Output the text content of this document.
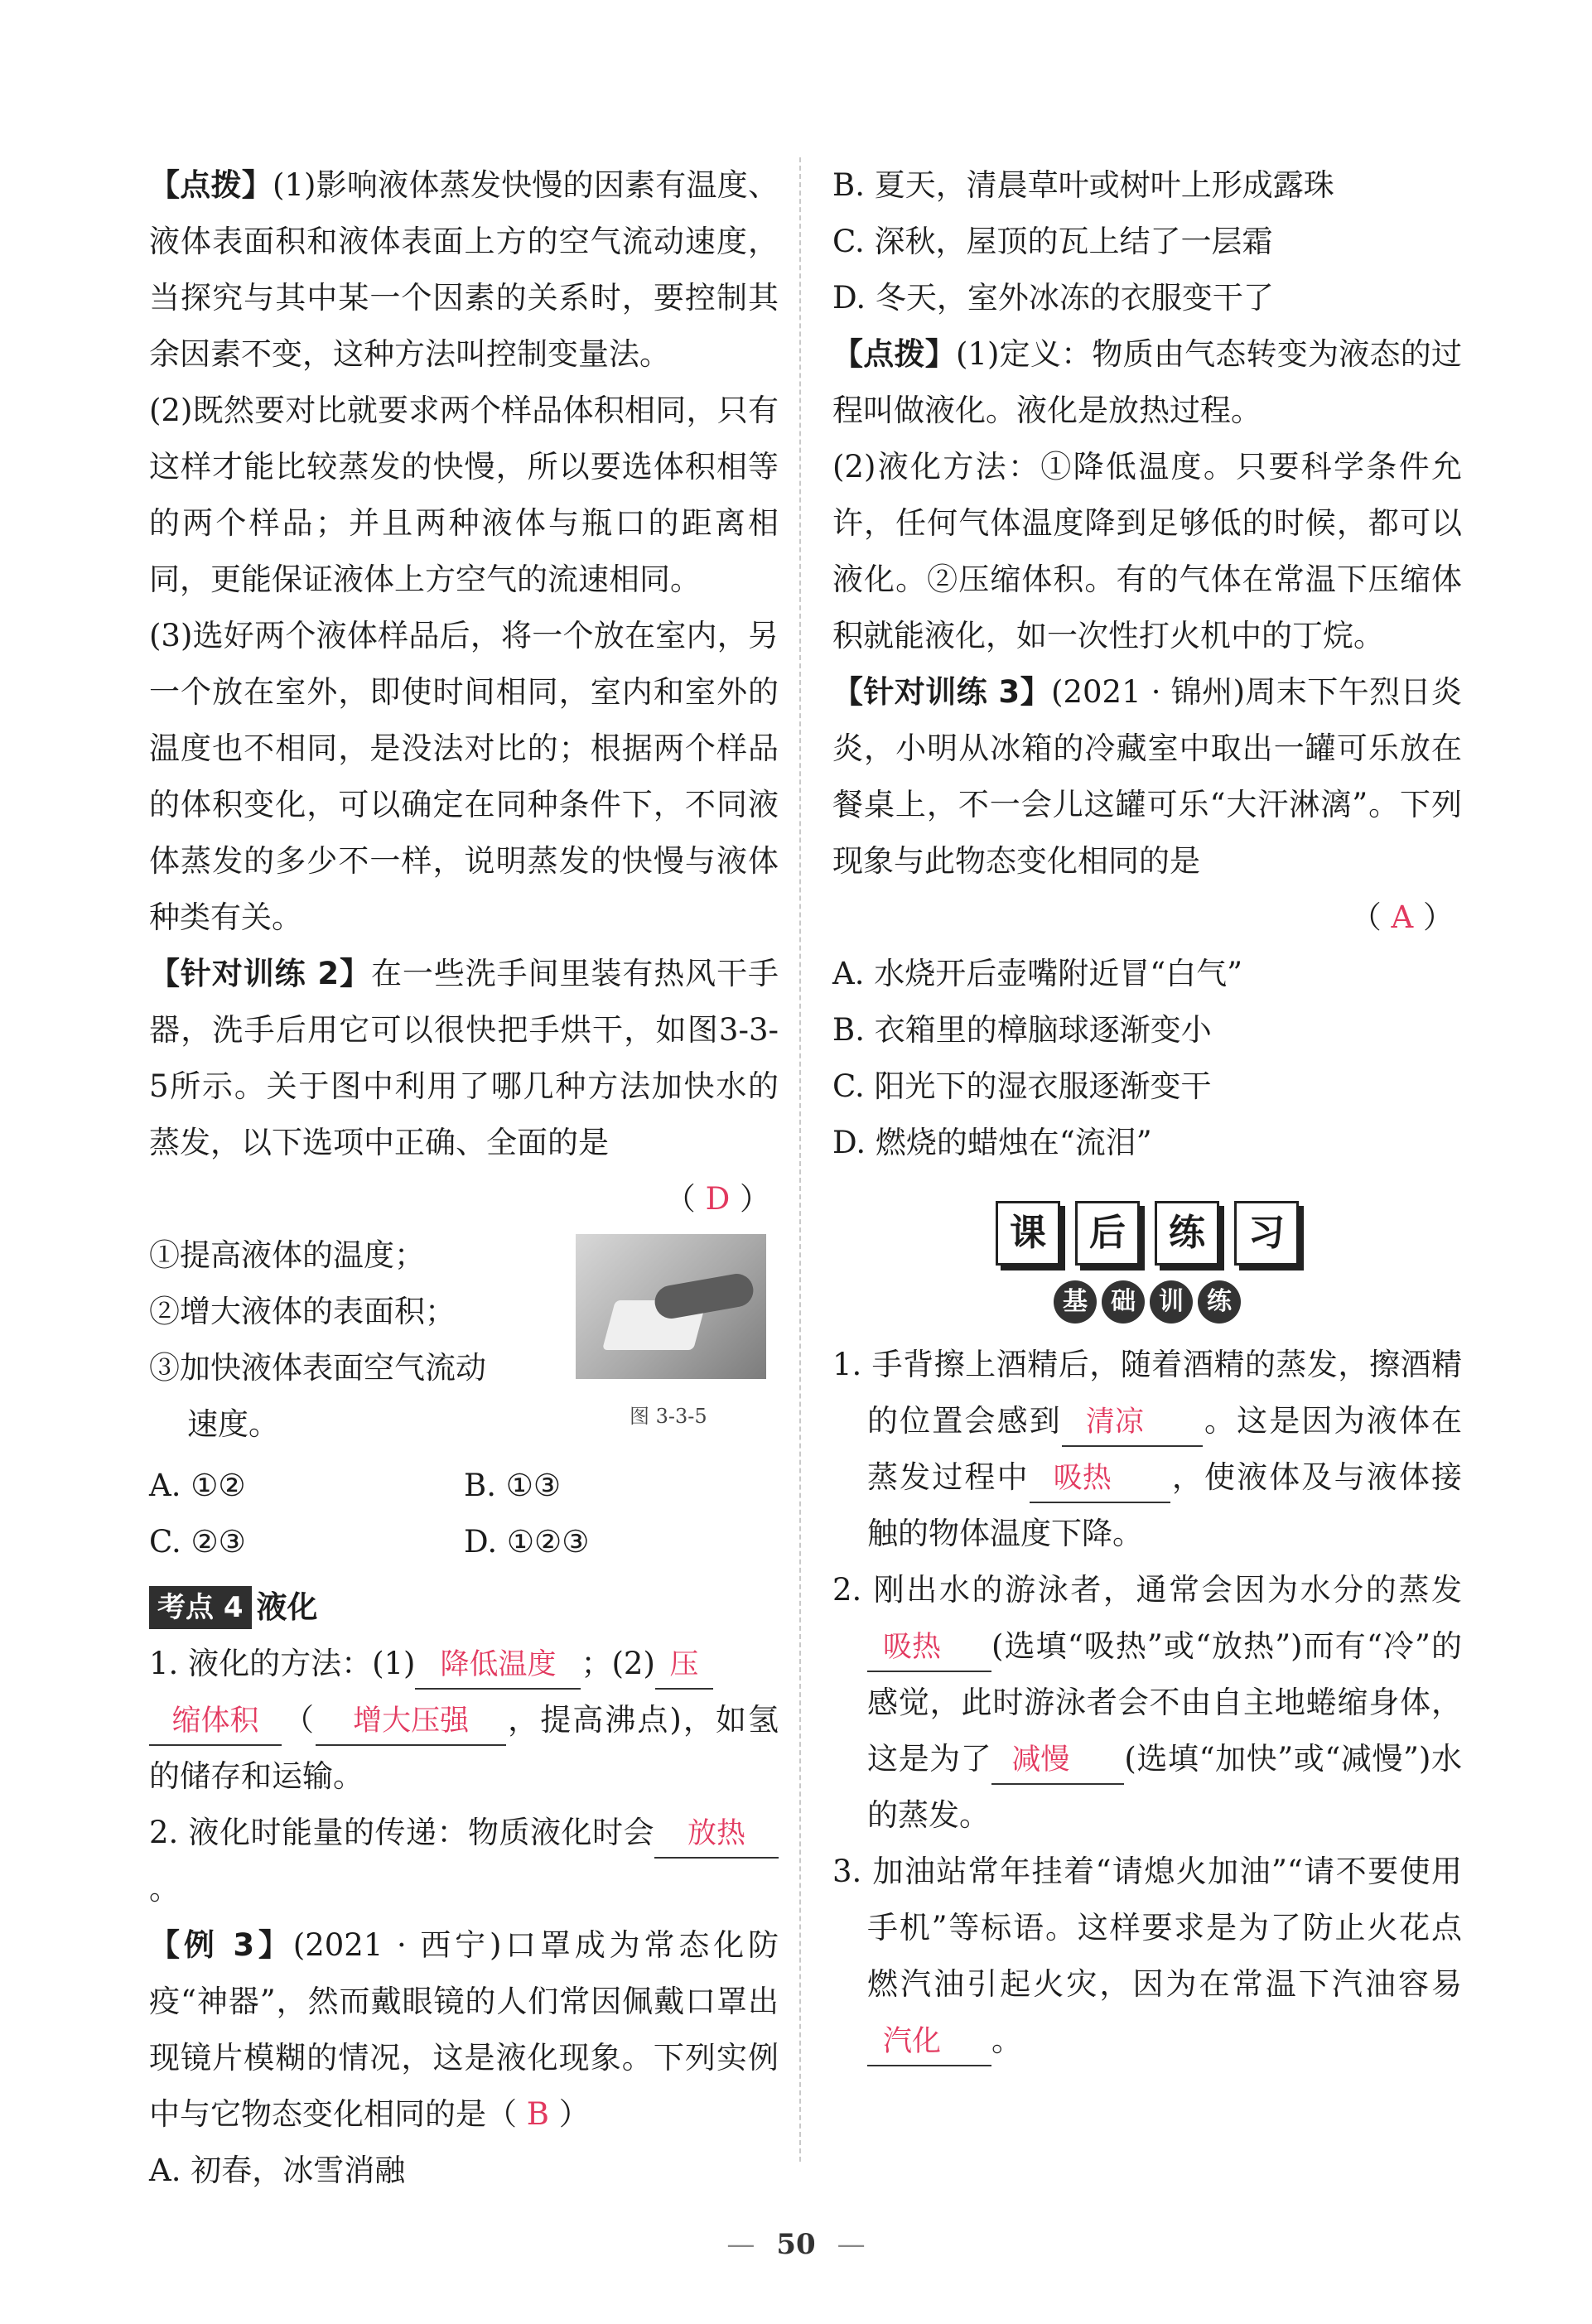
【点拨】(1)影响液体蒸发快慢的因素有温度、液体表面积和液体表面上方的空气流动速度，当探究与其中某一个因素的关系时，要控制其余因素不变，这种方法叫控制变量法。

(2)既然要对比就要求两个样品体积相同，只有这样才能比较蒸发的快慢，所以要选体积相等的两个样品；并且两种液体与瓶口的距离相同，更能保证液体上方空气的流速相同。

(3)选好两个液体样品后，将一个放在室内，另一个放在室外，即使时间相同，室内和室外的温度也不相同，是没法对比的；根据两个样品的体积变化，可以确定在同种条件下，不同液体蒸发的多少不一样，说明蒸发的快慢与液体种类有关。

【针对训练 2】在一些洗手间里装有热风干手器，洗手后用它可以很快把手烘干，如图3-3-5所示。关于图中利用了哪几种方法加快水的蒸发，以下选项中正确、全面的是

（ D ）

①提高液体的温度；

②增大液体的表面积；

③加快液体表面空气流动

速度。

A. ①②	B. ①③
C. ②③	D. ①②③
考点 4 液化

1. 液化的方法：(1) 降低温度 ；(2) 压

缩体积 （ 增大压强 ，提高沸点)，如氢的储存和运输。

2. 液化时能量的传递：物质液化时会 放热。

【例 3】(2021 · 西宁)口罩成为常态化防疫“神器”，然而戴眼镜的人们常因佩戴口罩出现镜片模糊的情况，这是液化现象。下列实例中与它物态变化相同的是（ B ）

A. 初春，冰雪消融

图 3-3-5

B. 夏天，清晨草叶或树叶上形成露珠

C. 深秋，屋顶的瓦上结了一层霜

D. 冬天，室外冰冻的衣服变干了

【点拨】(1)定义：物质由气态转变为液态的过程叫做液化。液化是放热过程。

(2)液化方法：①降低温度。只要科学条件允许，任何气体温度降到足够低的时候，都可以液化。②压缩体积。有的气体在常温下压缩体积就能液化，如一次性打火机中的丁烷。

【针对训练 3】(2021 · 锦州)周末下午烈日炎炎，小明从冰箱的冷藏室中取出一罐可乐放在餐桌上，不一会儿这罐可乐“大汗淋漓”。下列现象与此物态变化相同的是

（ A ）

A. 水烧开后壶嘴附近冒“白气”

B. 衣箱里的樟脑球逐渐变小

C. 阳光下的湿衣服逐渐变干

D. 燃烧的蜡烛在“流泪”

课	后	练	习
基 础 训 练

1. 手背擦上酒精后，随着酒精的蒸发，擦酒精的位置会感到 清凉 。这是因为液体在蒸发过程中 吸热 ，使液体及与液体接触的物体温度下降。

2. 刚出水的游泳者，通常会因为水分的蒸发吸热 (选填“吸热”或“放热”)而有“冷”的感觉，此时游泳者会不由自主地蜷缩身体，这是为了 减慢 (选填“加快”或“减慢”)水的蒸发。

3. 加油站常年挂着“请熄火加油”“请不要使用手机”等标语。这样要求是为了防止火花点燃汽油引起火灾，因为在常温下汽油容易汽化 。

— 50 —
